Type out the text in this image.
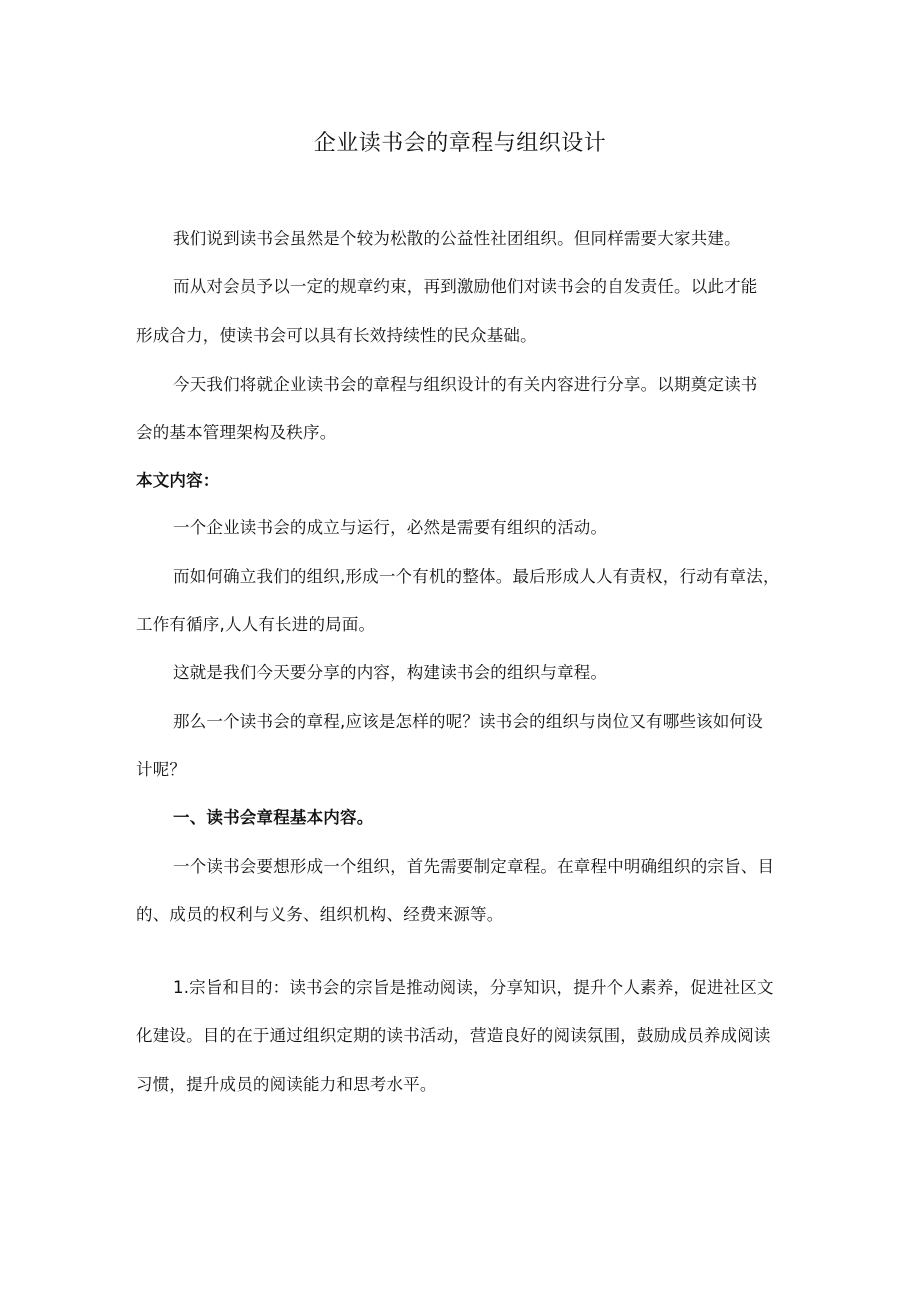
企业读书会的章程与组织设计
我们说到读书会虽然是个较为松散的公益性社团组织。但同样需要大家共建。
而从对会员予以一定的规章约束，再到激励他们对读书会的自发责任。以此才能
形成合力，使读书会可以具有长效持续性的民众基础。
今天我们将就企业读书会的章程与组织设计的有关内容进行分享。以期奠定读书
会的基本管理架构及秩序。
本文内容：
一个企业读书会的成立与运行，必然是需要有组织的活动。
而如何确立我们的组织,形成一个有机的整体。最后形成人人有责权，行动有章法，
工作有循序,人人有长进的局面。
这就是我们今天要分享的内容，构建读书会的组织与章程。
那么一个读书会的章程,应该是怎样的呢？读书会的组织与岗位又有哪些该如何设
计呢？
一、读书会章程基本内容。
一个读书会要想形成一个组织，首先需要制定章程。在章程中明确组织的宗旨、目
的、成员的权利与义务、组织机构、经费来源等。
1.宗旨和目的：读书会的宗旨是推动阅读，分享知识，提升个人素养，促进社区文
化建设。目的在于通过组织定期的读书活动，营造良好的阅读氛围，鼓励成员养成阅读
习惯，提升成员的阅读能力和思考水平。
